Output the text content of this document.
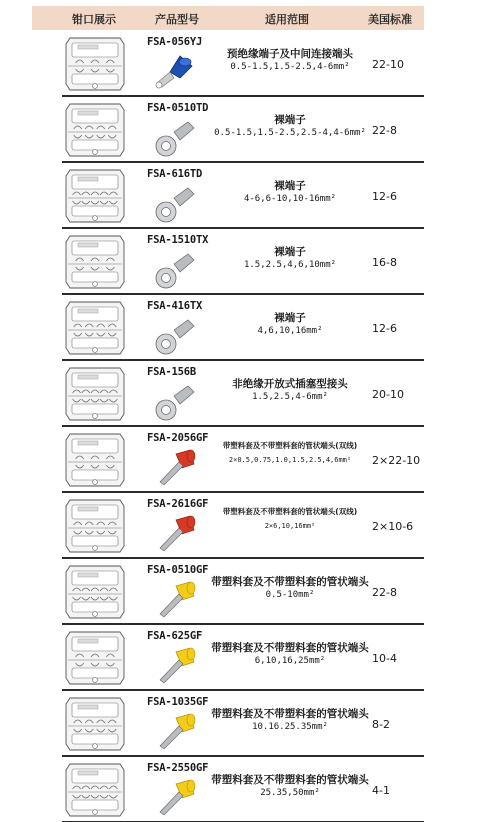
钳口展示	产品型号	适用范围	美国标准
FSA-056YJ
预绝缘端子及中间连接端头
0.5-1.5,1.5-2.5,4-6mm²	22-10
FSA-0510TD
裸端子
0.5-1.5,1.5-2.5,2.5-4,4-6mm² 22-8
FSA-616TD
裸端子
4-6,6-10,10-16mm²	12-6
FSA-1510TX
裸端子
1.5,2.5,4,6,10mm²	16-8
FSA-416TX
裸端子
4,6,10,16mm²	12-6
FSA-156B
非绝缘开放式插塞型接头
1.5,2.5,4-6mm²	20-10
FSA-2056GF
带塑料套及不带塑料套的管状端头(双线)
2×0.5,0.75,1.0,1.5,2.5,4,6mm²	2×22-10
FSA-2616GF
带塑料套及不带塑料套的管状端头(双线)
2×6,10,16mm²	2×10-6
FSA-0510GF
带塑料套及不带塑料套的管状端头
0.5-10mm²	22-8
FSA-625GF
带塑料套及不带塑料套的管状端头
6,10,16,25mm²	10-4
FSA-1035GF
带塑料套及不带塑料套的管状端头
10.16.25.35mm²	8-2
FSA-2550GF
带塑料套及不带塑料套的管状端头
25.35,50mm²	4-1
